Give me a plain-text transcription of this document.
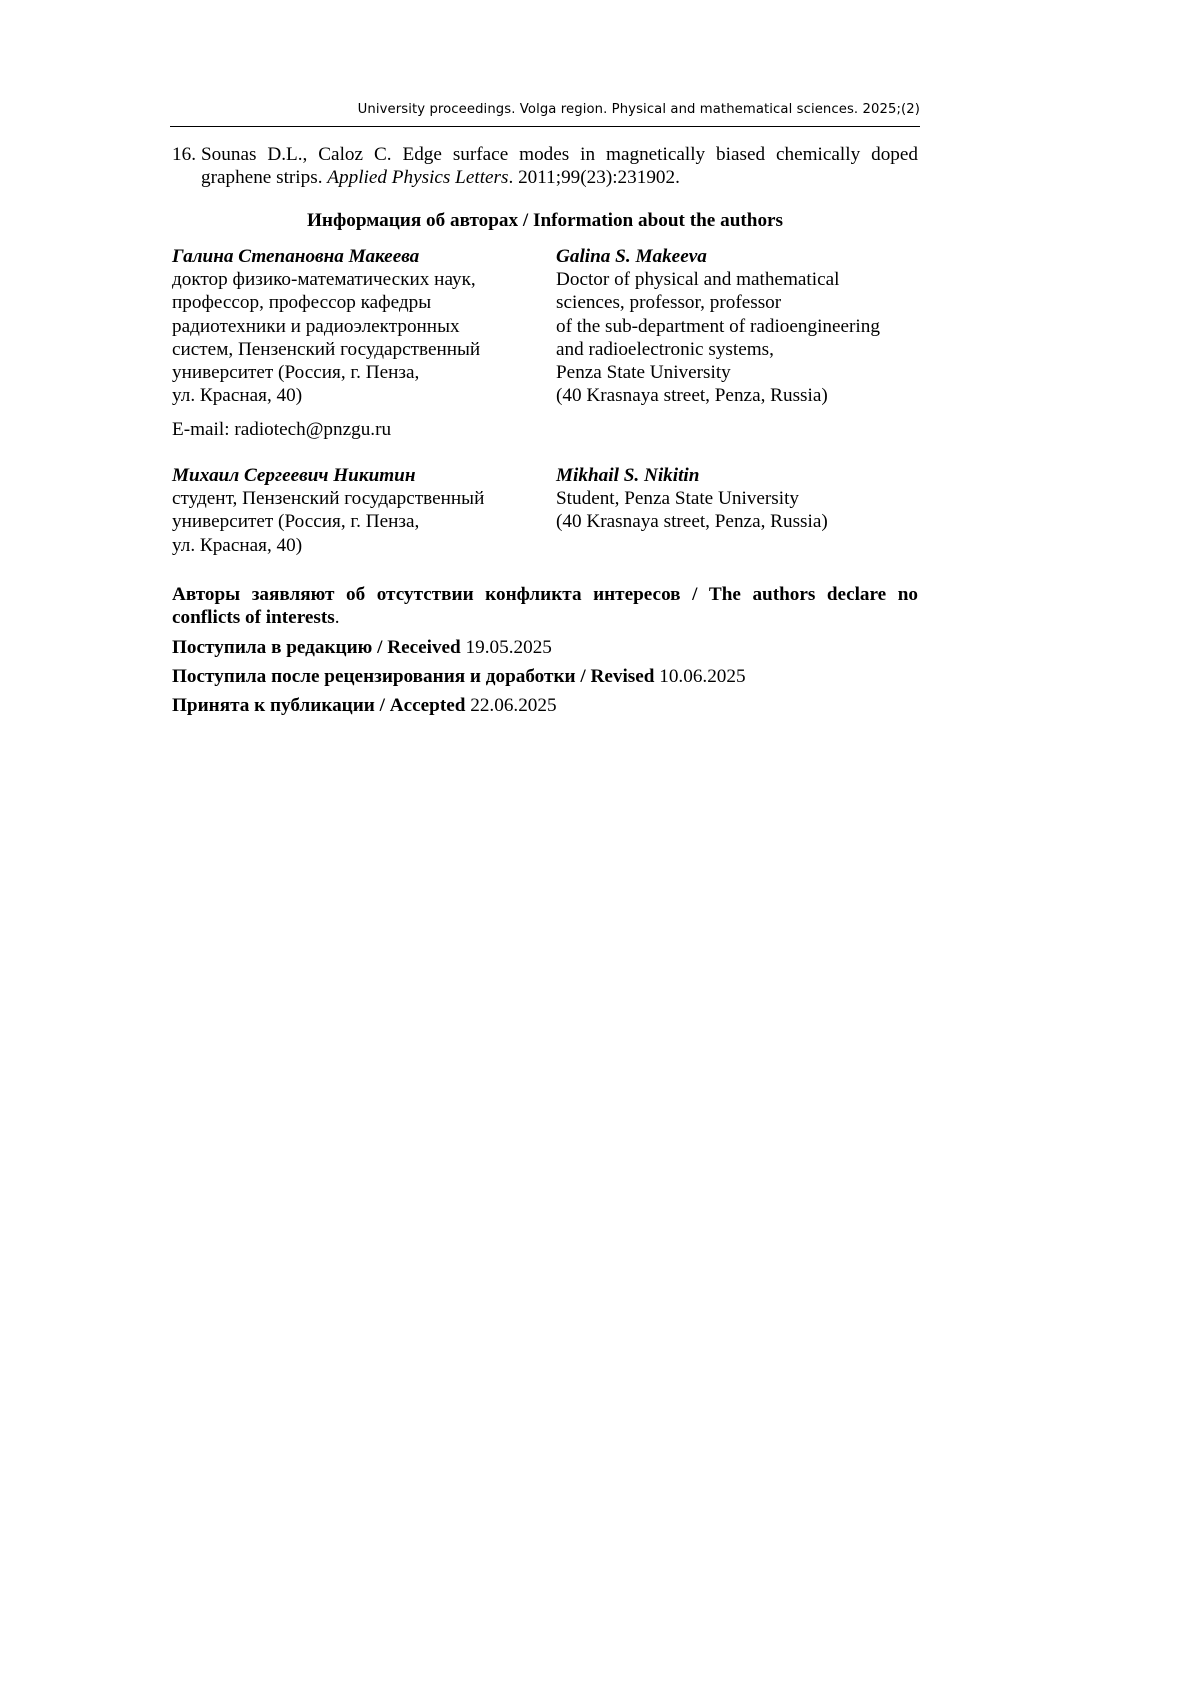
University proceedings. Volga region. Physical and mathematical sciences. 2025;(2)
16. Sounas D.L., Caloz C. Edge surface modes in magnetically biased chemically doped
graphene strips. Applied Physics Letters. 2011;99(23):231902.
Информация об авторах / Information about the authors
Галина Степановна Макеева
доктор физико-математических наук,
профессор, профессор кафедры
радиотехники и радиоэлектронных
систем, Пензенский государственный
университет (Россия, г. Пенза,
ул. Красная, 40)
Galina S. Makeeva
Doctor of physical and mathematical
sciences, professor, professor
of the sub-department of radioengineering
and radioelectronic systems,
Penza State University
(40 Krasnaya street, Penza, Russia)
E-mail: radiotech@pnzgu.ru
Михаил Сергеевич Никитин
студент, Пензенский государственный
университет (Россия, г. Пенза,
ул. Красная, 40)
Mikhail S. Nikitin
Student, Penza State University
(40 Krasnaya street, Penza, Russia)
Авторы заявляют об отсутствии конфликта интересов / The authors declare no
conflicts of interests.
Поступила в редакцию / Received 19.05.2025
Поступила после рецензирования и доработки / Revised 10.06.2025
Принята к публикации / Accepted 22.06.2025
